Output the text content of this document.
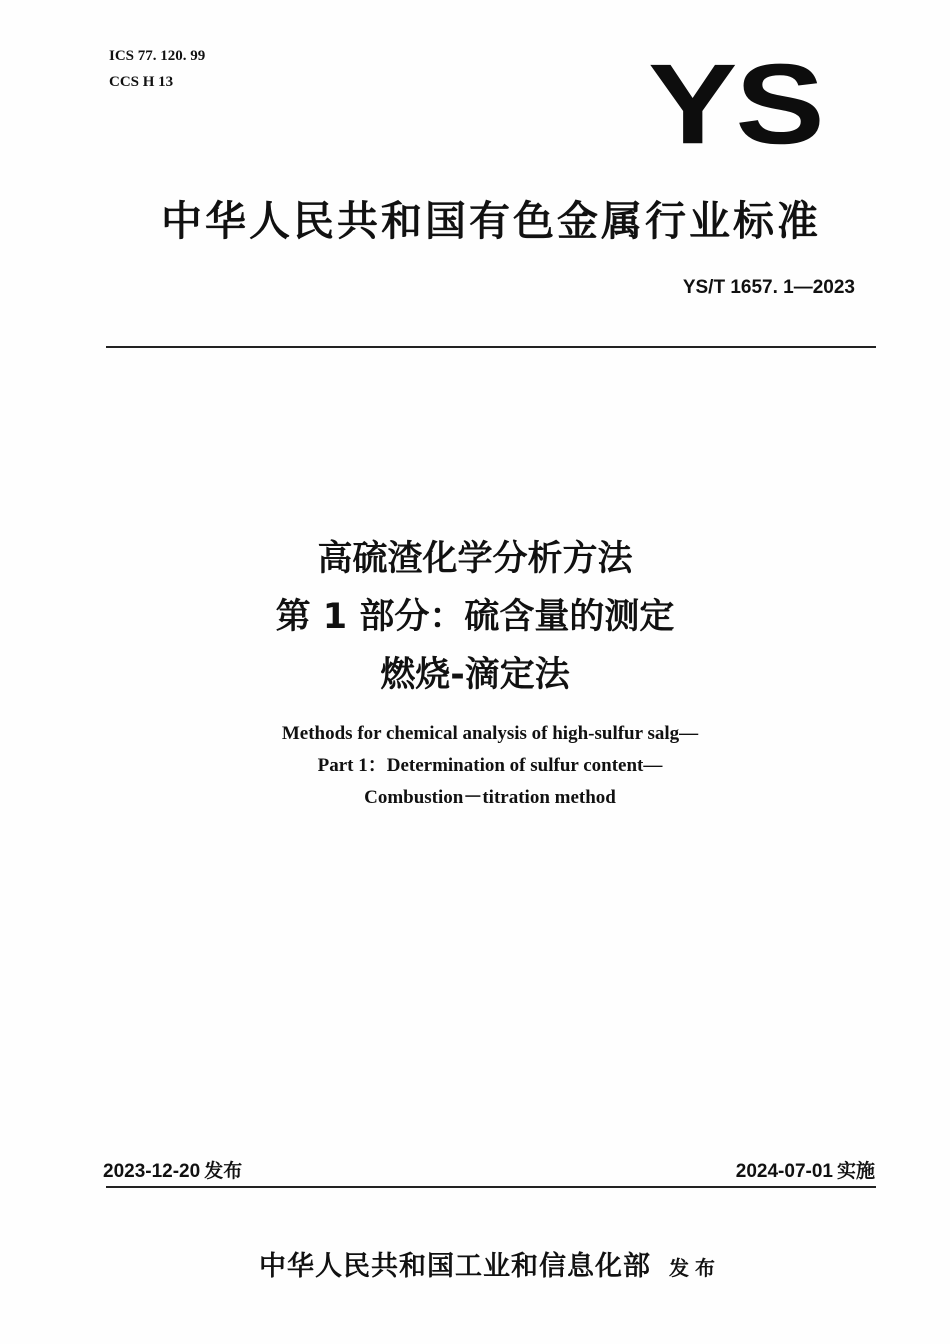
ICS 77. 120. 99
CCS H 13	YS
中华人民共和国有色金属行业标准
YS/T 1657. 1—2023
高硫渣化学分析方法
第 1 部分：硫含量的测定
燃烧-滴定法
Methods for chemical analysis of high-sulfur salg—
Part 1：Determination of sulfur content—
Combustion－titration method
2023-12-20 发布	2024-07-01 实施
中华人民共和国工业和信息化部 发布
